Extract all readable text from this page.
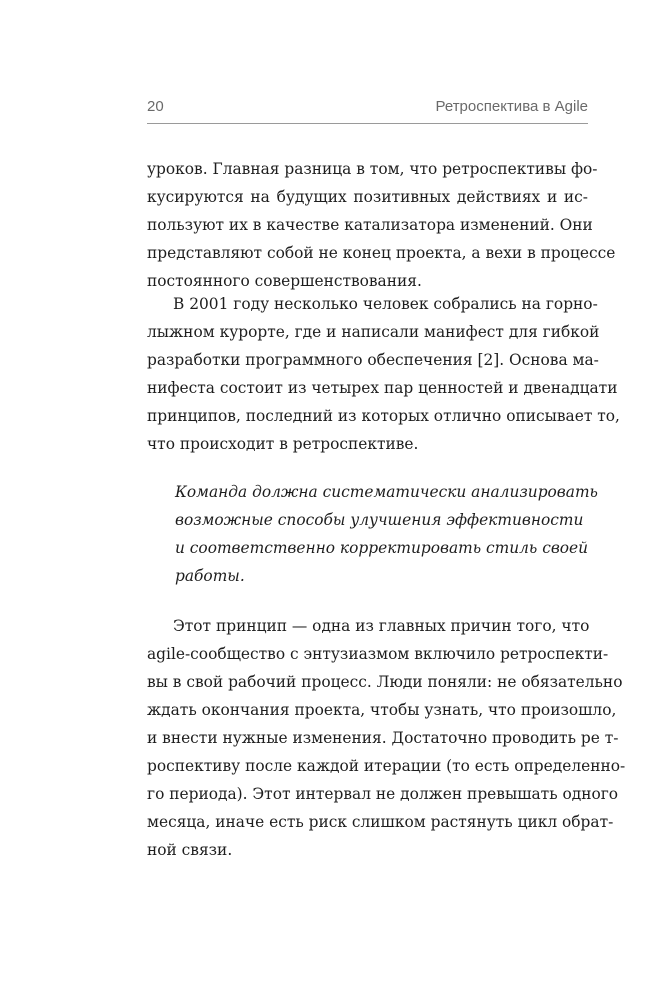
20	Ретроспектива в Agile
уроков. Главная разница в том, что ретроспективы фо-
кусируются на будущих позитивных действиях и ис-
пользуют их в качестве катализатора изменений. Они
представляют собой не конец проекта, а вехи в процессе
постоянного совершенствования.
В 2001 году несколько человек собрались на горно-
лыжном курорте, где и написали манифест для гибкой
разработки программного обеспечения [2]. Основа ма-
нифеста состоит из четырех пар ценностей и двенадцати
принципов, последний из которых отлично описывает то,
что происходит в ретроспективе.
Команда должна систематически анализировать
возможные способы улучшения эффективности
и соответственно корректировать стиль своей
работы.
Этот принцип — одна из главных причин того, что
agile-сообщество с энтузиазмом включило ретроспекти-
вы в свой рабочий процесс. Люди поняли: не обязательно
ждать окончания проекта, чтобы узнать, что произошло,
и внести нужные изменения. Достаточно проводить ре т-
роспективу после каждой итерации (то есть определенно-
го периода). Этот интервал не должен превышать одного
месяца, иначе есть риск слишком растянуть цикл обрат-
ной связи.
